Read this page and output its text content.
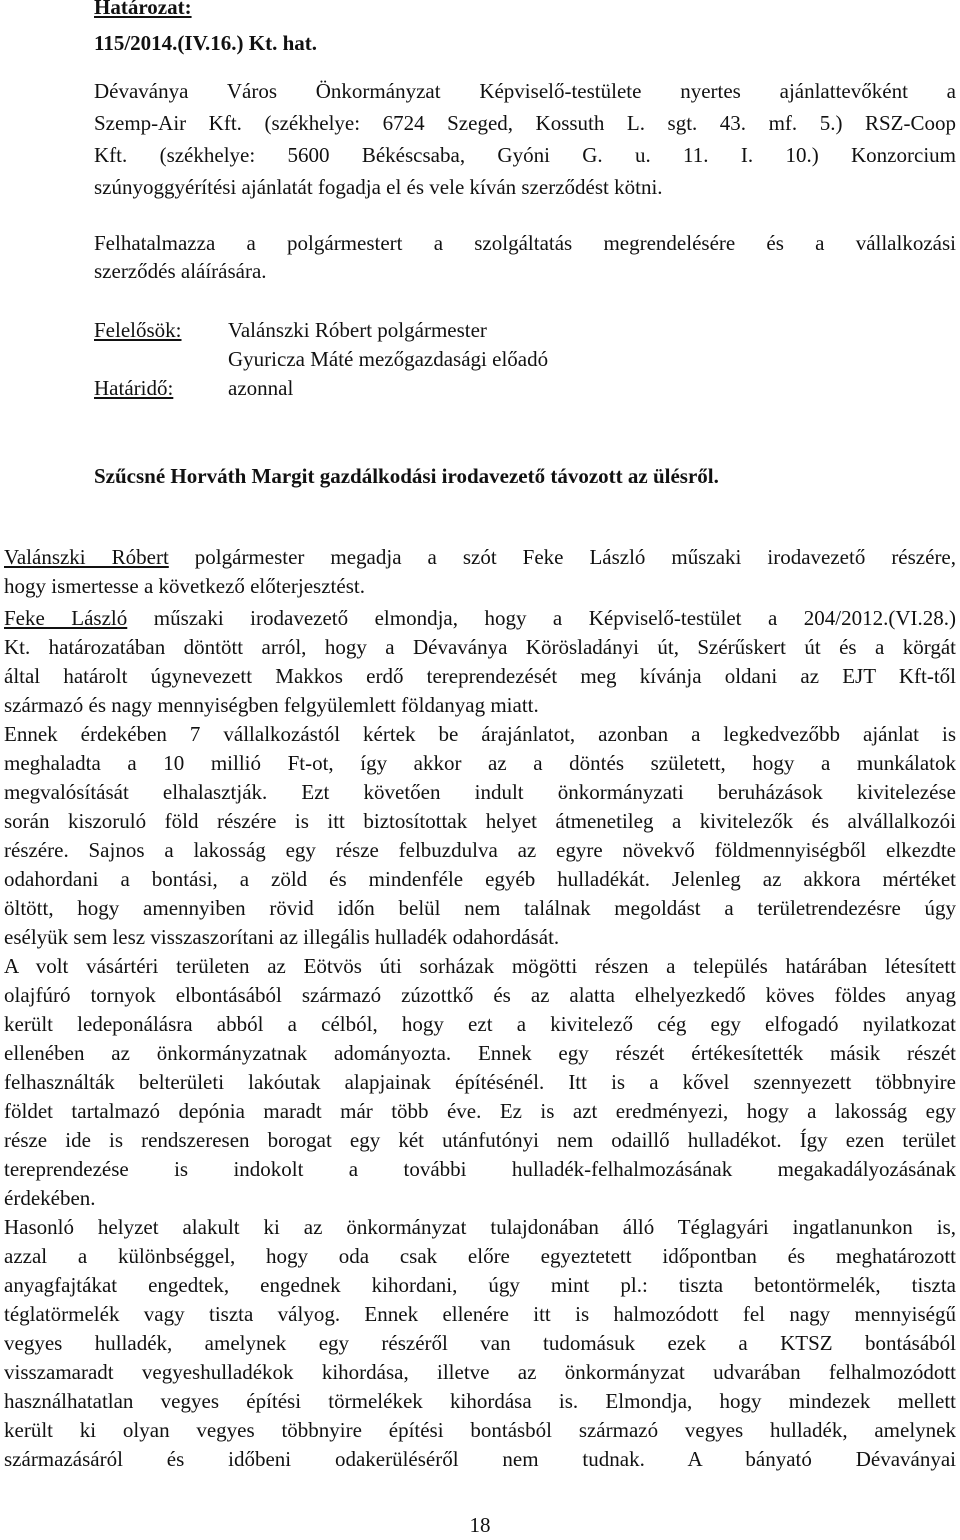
Határozat:
115/2014.(IV.16.) Kt. hat.
Dévaványa Város Önkormányzat Képviselő-testülete nyertes ajánlattevőként a
Szemp-Air Kft. (székhelye: 6724 Szeged, Kossuth L. sgt. 43. mf. 5.) RSZ-Coop
Kft. (székhelye: 5600 Békéscsaba, Gyóni G. u. 11. I. 10.) Konzorcium
szúnyoggyérítési ajánlatát fogadja el és vele kíván szerződést kötni.
Felhatalmazza a polgármestert a szolgáltatás megrendelésére és a vállalkozási
szerződés aláírására.
Felelősök: Valánszki Róbert polgármester
Gyuricza Máté mezőgazdasági előadó
Határidő:	azonnal
Szűcsné Horváth Margit gazdálkodási irodavezető távozott az ülésről.
Valánszki Róbert polgármester megadja a szót Feke László műszaki irodavezető részére,
hogy ismertesse a következő előterjesztést.
Feke László műszaki irodavezető elmondja, hogy a Képviselő-testület a 204/2012.(VI.28.)
Kt. határozatában döntött arról, hogy a Dévaványa Körösladányi út, Szérűskert út és a körgát
által határolt úgynevezett Makkos erdő tereprendezését meg kívánja oldani az EJT Kft-től
származó és nagy mennyiségben felgyülemlett földanyag miatt.
Ennek érdekében 7 vállalkozástól kértek be árajánlatot, azonban a legkedvezőbb ajánlat is
meghaladta a 10 millió Ft-ot, így akkor az a döntés született, hogy a munkálatok
megvalósítását elhalasztják. Ezt követően indult önkormányzati beruházások kivitelezése
során kiszoruló föld részére is itt biztosítottak helyet átmenetileg a kivitelezők és alvállalkozói
részére. Sajnos a lakosság egy része felbuzdulva az egyre növekvő földmennyiségből elkezdte
odahordani a bontási, a zöld és mindenféle egyéb hulladékát. Jelenleg az akkora mértéket
öltött, hogy amennyiben rövid időn belül nem találnak megoldást a területrendezésre úgy
esélyük sem lesz visszaszorítani az illegális hulladék odahordását.
A volt vásártéri területen az Eötvös úti sorházak mögötti részen a település határában létesített
olajfúró tornyok elbontásából származó zúzottkő és az alatta elhelyezkedő köves földes anyag
került ledeponálásra abból a célból, hogy ezt a kivitelező cég egy elfogadó nyilatkozat
ellenében az önkormányzatnak adományozta. Ennek egy részét értékesítették másik részét
felhasználták belterületi lakóutak alapjainak építésénél. Itt is a kővel szennyezett többnyire
földet tartalmazó depónia maradt már több éve. Ez is azt eredményezi, hogy a lakosság egy
része ide is rendszeresen borogat egy két utánfutónyi nem odaillő hulladékot. Így ezen terület
tereprendezése is indokolt a további hulladék-felhalmozásának megakadályozásának
érdekében.
Hasonló helyzet alakult ki az önkormányzat tulajdonában álló Téglagyári ingatlanunkon is,
azzal a különbséggel, hogy oda csak előre egyeztetett időpontban és meghatározott
anyagfajtákat engedtek, engednek kihordani, úgy mint pl.: tiszta betontörmelék, tiszta
téglatörmelék vagy tiszta vályog. Ennek ellenére itt is halmozódott fel nagy mennyiségű
vegyes hulladék, amelynek egy részéről van tudomásuk ezek a KTSZ bontásából
visszamaradt vegyeshulladékok kihordása, illetve az önkormányzat udvarában felhalmozódott
használhatatlan vegyes építési törmelékek kihordása is. Elmondja, hogy mindezek mellett
került ki olyan vegyes többnyire építési bontásból származó vegyes hulladék, amelynek
származásáról és időbeni odakerüléséről nem tudnak. A bányató Dévaványai
18
